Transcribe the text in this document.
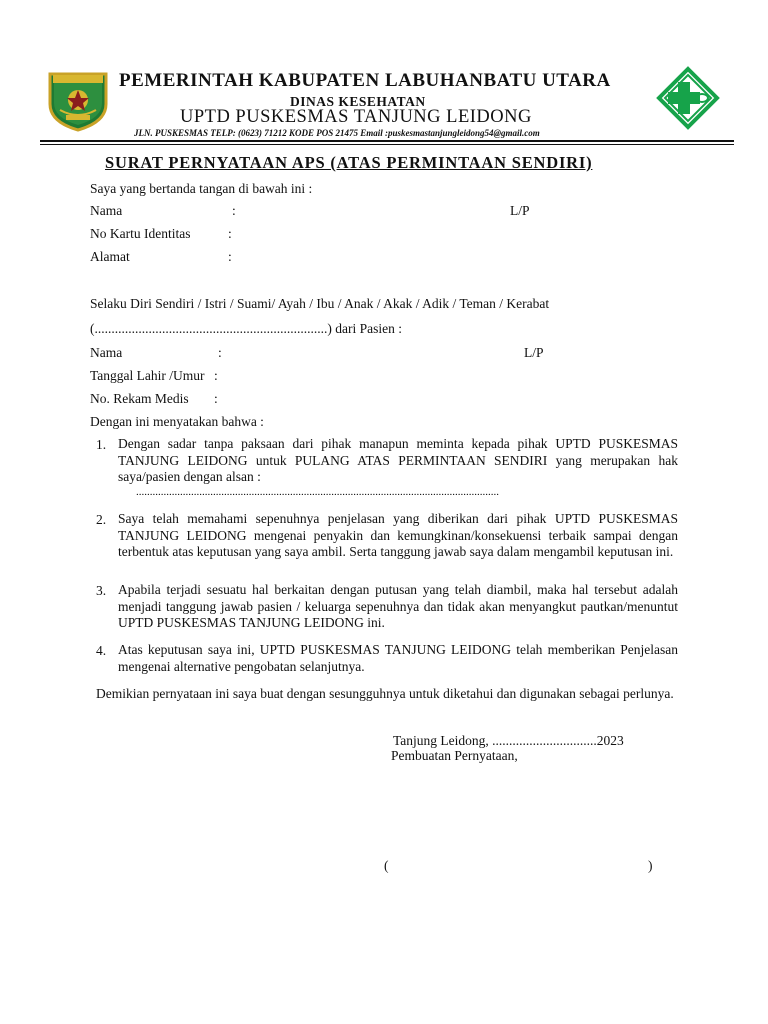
PEMERINTAH KABUPATEN LABUHANBATU UTARA
DINAS KESEHATAN
UPTD PUSKESMAS TANJUNG LEIDONG
JLN. PUSKESMAS TELP: (0623) 71212 KODE POS 21475 Email :puskesmastanjungleidong54@gmail.com
SURAT PERNYATAAN APS (ATAS PERMINTAAN SENDIRI)
Saya yang bertanda tangan di bawah ini :
Nama	:	L/P
No Kartu Identitas	:
Alamat	:
Selaku Diri Sendiri / Istri / Suami/ Ayah / Ibu / Anak / Akak / Adik / Teman / Kerabat
(.....................................................................) dari Pasien :
Nama	:	L/P
Tanggal Lahir /Umur :
No. Rekam Medis :
Dengan ini menyatakan bahwa :
1. Dengan sadar tanpa paksaan dari pihak manapun meminta kepada pihak UPTD PUSKESMAS TANJUNG LEIDONG untuk PULANG ATAS PERMINTAAN SENDIRI yang merupakan hak saya/pasien dengan alsan :
....................................................................................................................................
2. Saya telah memahami sepenuhnya penjelasan yang diberikan dari pihak UPTD PUSKESMAS TANJUNG LEIDONG mengenai penyakin dan kemungkinan/konsekuensi terbaik sampai dengan terbentuk atas keputusan yang saya ambil. Serta tanggung jawab saya dalam mengambil keputusan ini.
3. Apabila terjadi sesuatu hal berkaitan dengan putusan yang telah diambil, maka hal tersebut adalah menjadi tanggung jawab pasien / keluarga sepenuhnya dan tidak akan menyangkut pautkan/menuntut UPTD PUSKESMAS TANJUNG LEIDONG ini.
4. Atas keputusan saya ini, UPTD PUSKESMAS TANJUNG LEIDONG telah memberikan Penjelasan mengenai alternative pengobatan selanjutnya.
Demikian pernyataan ini saya buat dengan sesungguhnya untuk diketahui dan digunakan sebagai perlunya.
Tanjung Leidong, ...............................2023
Pembuatan Pernyataan,
(	)
